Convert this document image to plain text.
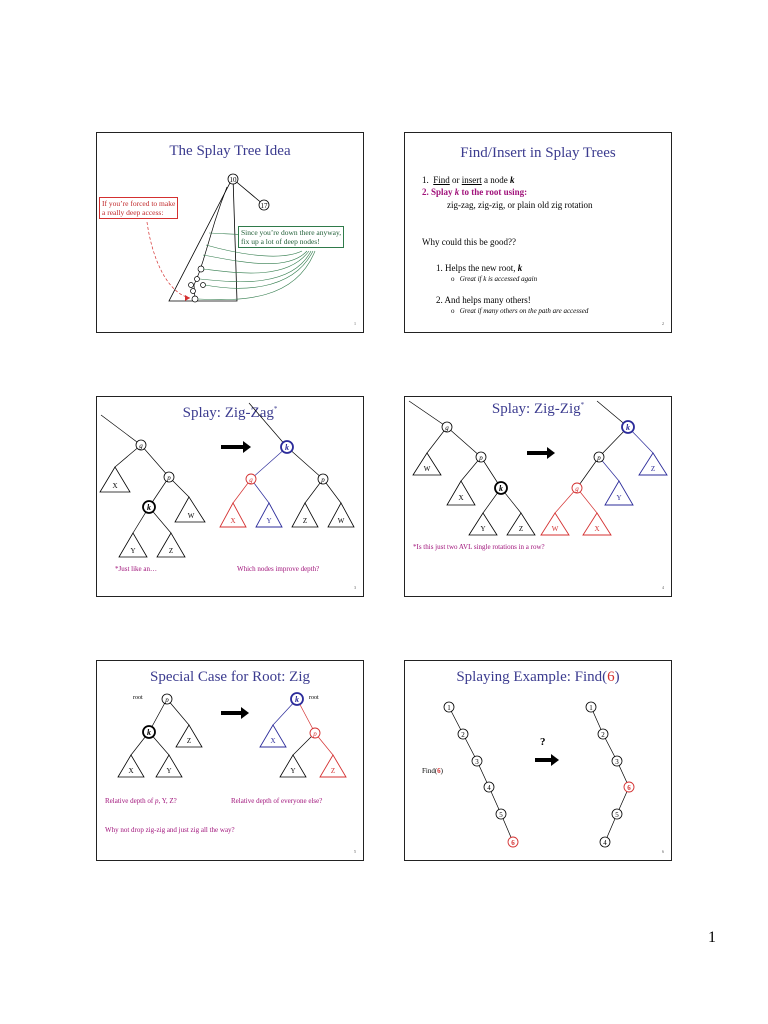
The Splay Tree Idea
10
17
If you’re forced to make
a really deep access:
Since you’re down there anyway,
fix up a lot of deep nodes!
1
Find/Insert in Splay Trees
1. Find or insert a node k
2. Splay k to the root using:
zig-zag, zig-zig, or plain old zig rotation
Why could this be good??
1. Helps the new root, k
o Great if k is accessed again
2. And helps many others!
o Great if many others on the path are accessed
2
Splay: Zig-Zag*
g
p
k
X
W
Y	Z
k
g	p
X	Y	Z	W
*Just like an…	Which nodes improve depth?
3
Splay: Zig-Zig*
g
p
k
W
X
Y	Z
k
p
g
Z
Y
W	X
*Is this just two AVL single rotations in a row?
4
Special Case for Root: Zig
root	p
k
Z
X	Y
root
k
p
X
Y	Z
Relative depth of p, Y, Z?	Relative depth of everyone else?
Why not drop zig-zig and just zig all the way?
5
Splaying Example: Find(6)
1
2
3
4
5
6
1
2
3
6
5
4
?
Find(6)
6
1
